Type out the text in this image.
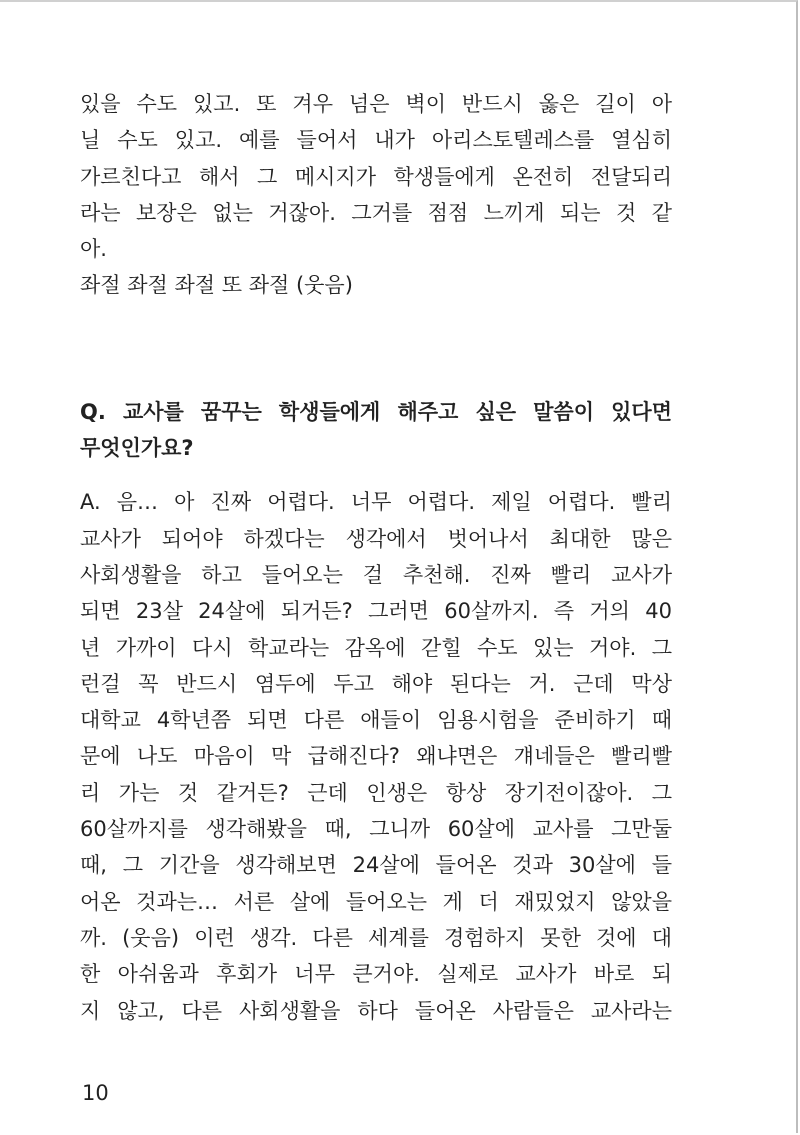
있을 수도 있고. 또 겨우 넘은 벽이 반드시 옳은 길이 아
닐 수도 있고. 예를 들어서 내가 아리스토텔레스를 열심히
가르친다고 해서 그 메시지가 학생들에게 온전히 전달되리
라는 보장은 없는 거잖아. 그거를 점점 느끼게 되는 것 같
아.
좌절 좌절 좌절 또 좌절 (웃음)
Q. 교사를 꿈꾸는 학생들에게 해주고 싶은 말씀이 있다면
무엇인가요?
A. 음… 아 진짜 어렵다. 너무 어렵다. 제일 어렵다. 빨리
교사가 되어야 하겠다는 생각에서 벗어나서 최대한 많은
사회생활을 하고 들어오는 걸 추천해. 진짜 빨리 교사가
되면 23살 24살에 되거든? 그러면 60살까지. 즉 거의 40
년 가까이 다시 학교라는 감옥에 갇힐 수도 있는 거야. 그
런걸 꼭 반드시 염두에 두고 해야 된다는 거. 근데 막상
대학교 4학년쯤 되면 다른 애들이 임용시험을 준비하기 때
문에 나도 마음이 막 급해진다? 왜냐면은 걔네들은 빨리빨
리 가는 것 같거든? 근데 인생은 항상 장기전이잖아. 그
60살까지를 생각해봤을 때, 그니까 60살에 교사를 그만둘
때, 그 기간을 생각해보면 24살에 들어온 것과 30살에 들
어온 것과는… 서른 살에 들어오는 게 더 재밌었지 않았을
까. (웃음) 이런 생각. 다른 세계를 경험하지 못한 것에 대
한 아쉬움과 후회가 너무 큰거야. 실제로 교사가 바로 되
지 않고, 다른 사회생활을 하다 들어온 사람들은 교사라는
10
